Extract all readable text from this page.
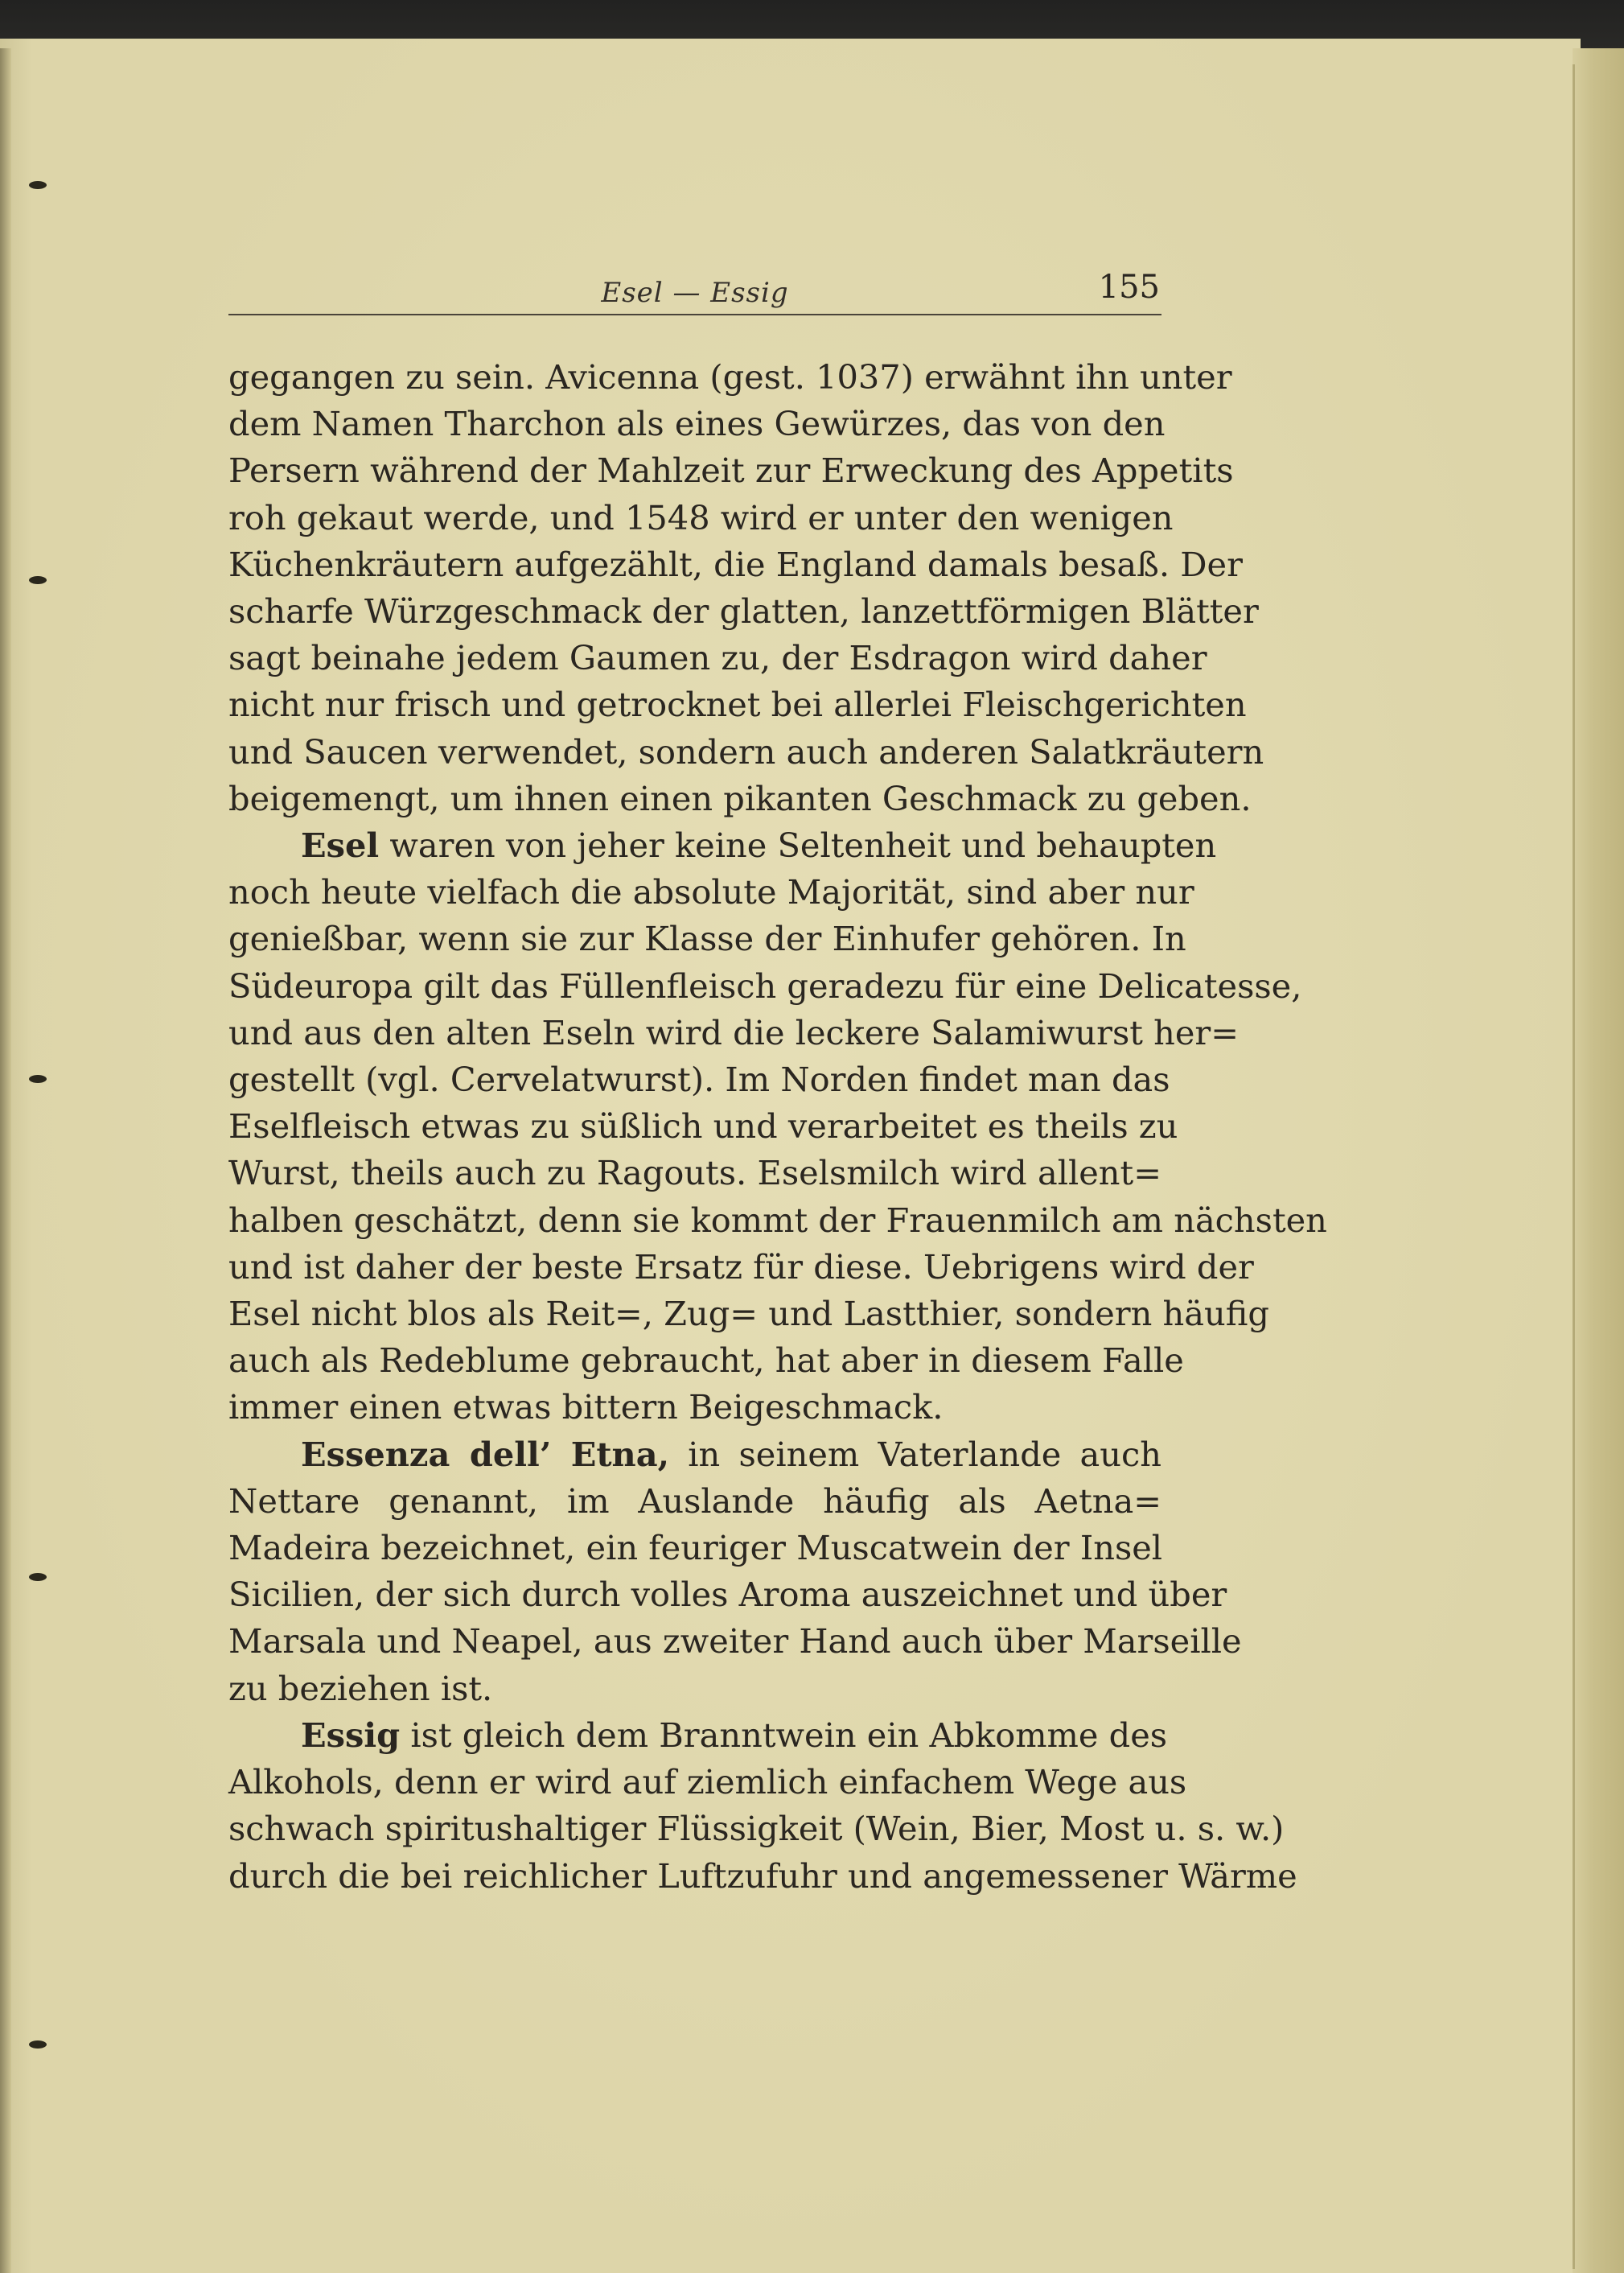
Esel — Essig	155

gegangen zu sein. Avicenna (gest. 1037) erwähnt ihn unter
dem Namen Tharchon als eines Gewürzes, das von den
Persern während der Mahlzeit zur Erweckung des Appetits
roh gekaut werde, und 1548 wird er unter den wenigen
Küchenkräutern aufgezählt, die England damals besaß. Der
scharfe Würzgeschmack der glatten, lanzettförmigen Blätter
sagt beinahe jedem Gaumen zu, der Esdragon wird daher
nicht nur frisch und getrocknet bei allerlei Fleischgerichten
und Saucen verwendet, sondern auch anderen Salatkräutern
beigemengt, um ihnen einen pikanten Geschmack zu geben.

Esel waren von jeher keine Seltenheit und behaupten
noch heute vielfach die absolute Majorität, sind aber nur
genießbar, wenn sie zur Klasse der Einhufer gehören. In
Südeuropa gilt das Füllenfleisch geradezu für eine Delicatesse,
und aus den alten Eseln wird die leckere Salamiwurst her=
gestellt (vgl. Cervelatwurst). Im Norden findet man das
Eselfleisch etwas zu süßlich und verarbeitet es theils zu
Wurst, theils auch zu Ragouts. Eselsmilch wird allent=
halben geschätzt, denn sie kommt der Frauenmilch am nächsten
und ist daher der beste Ersatz für diese. Uebrigens wird der
Esel nicht blos als Reit=, Zug= und Lastthier, sondern häufig
auch als Redeblume gebraucht, hat aber in diesem Falle
immer einen etwas bittern Beigeschmack.

Essenza dell’ Etna, in seinem Vaterlande auch
Nettare genannt, im Auslande häufig als Aetna=
Madeira bezeichnet, ein feuriger Muscatwein der Insel
Sicilien, der sich durch volles Aroma auszeichnet und über
Marsala und Neapel, aus zweiter Hand auch über Marseille
zu beziehen ist.

Essig ist gleich dem Branntwein ein Abkomme des
Alkohols, denn er wird auf ziemlich einfachem Wege aus
schwach spiritushaltiger Flüssigkeit (Wein, Bier, Most u. s. w.)
durch die bei reichlicher Luftzufuhr und angemessener Wärme
